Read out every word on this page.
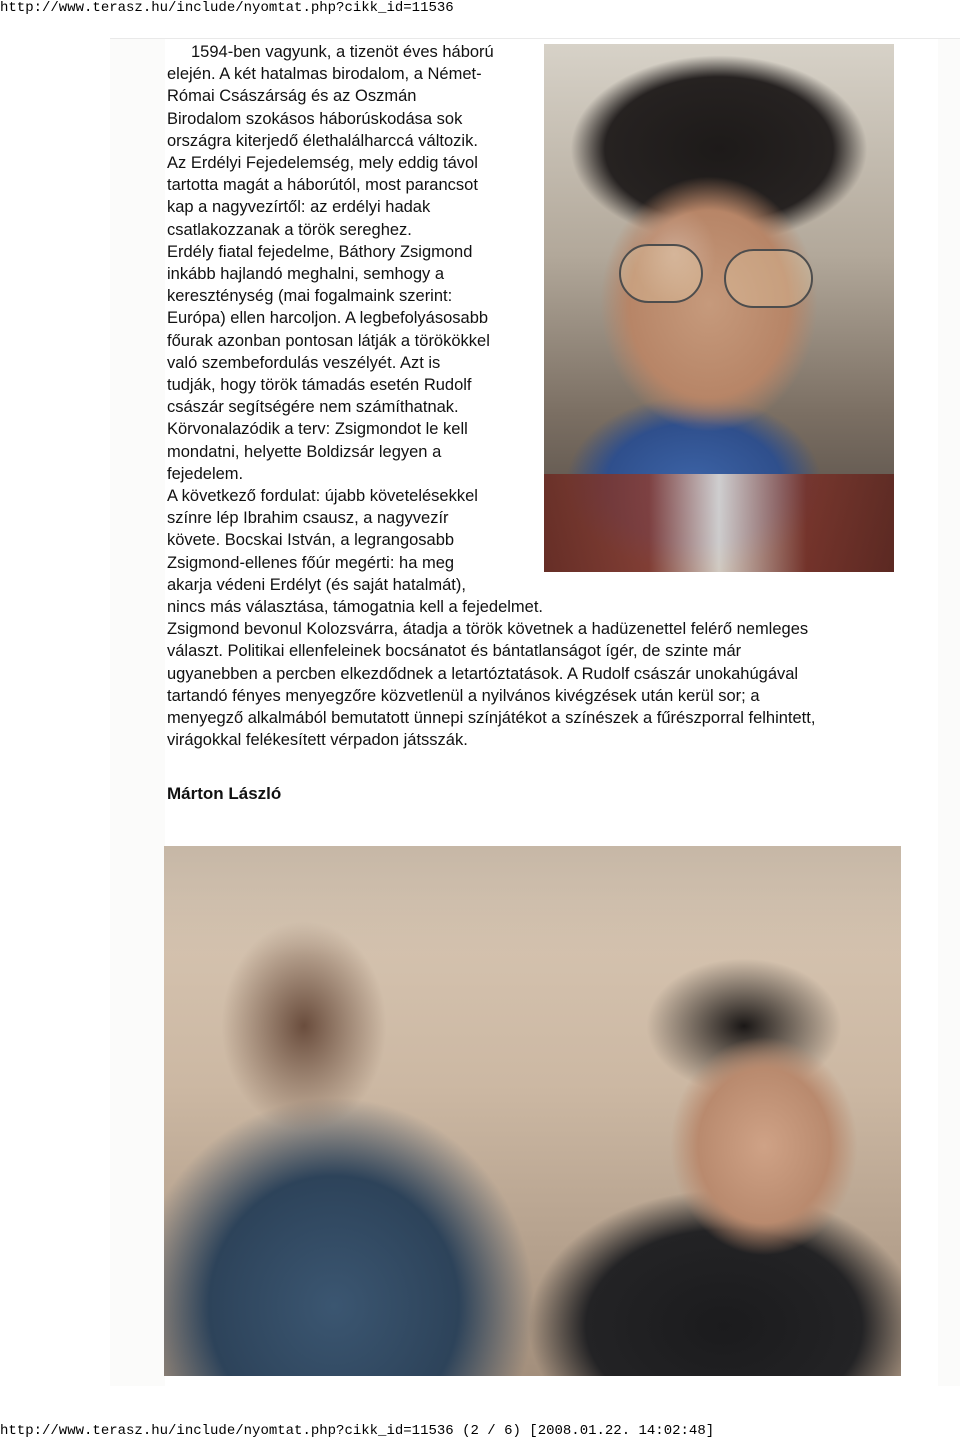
http://www.terasz.hu/include/nyomtat.php?cikk_id=11536

1594-ben vagyunk, a tizenöt éves háború

elején. A két hatalmas birodalom, a Német-

Római Császárság és az Oszmán

Birodalom szokásos háborúskodása sok

országra kiterjedő élethalálharccá változik.

Az Erdélyi Fejedelemség, mely eddig távol

tartotta magát a háborútól, most parancsot

kap a nagyvezírtől: az erdélyi hadak

csatlakozzanak a török sereghez.

Erdély fiatal fejedelme, Báthory Zsigmond

inkább hajlandó meghalni, semhogy a

kereszténység (mai fogalmaink szerint:

Európa) ellen harcoljon. A legbefolyásosabb

főurak azonban pontosan látják a törökökkel

való szembefordulás veszélyét. Azt is

tudják, hogy török támadás esetén Rudolf

császár segítségére nem számíthatnak.

Körvonalazódik a terv: Zsigmondot le kell

mondatni, helyette Boldizsár legyen a

fejedelem.

A következő fordulat: újabb követelésekkel

színre lép Ibrahim csausz, a nagyvezír

követe. Bocskai István, a legrangosabb

Zsigmond-ellenes főúr megérti: ha meg

akarja védeni Erdélyt (és saját hatalmát),

nincs más választása, támogatnia kell a fejedelmet.

Zsigmond bevonul Kolozsvárra, átadja a török követnek a hadüzenettel felérő nemleges

választ. Politikai ellenfeleinek bocsánatot és bántatlanságot ígér, de szinte már

ugyanebben a percben elkezdődnek a letartóztatások. A Rudolf császár unokahúgával

tartandó fényes menyegzőre közvetlenül a nyilvános kivégzések után kerül sor; a

menyegző alkalmából bemutatott ünnepi színjátékot a színészek a fűrészporral felhintett,

virágokkal felékesített vérpadon játsszák.

Márton László
http://www.terasz.hu/include/nyomtat.php?cikk_id=11536 (2 / 6) [2008.01.22. 14:02:48]
